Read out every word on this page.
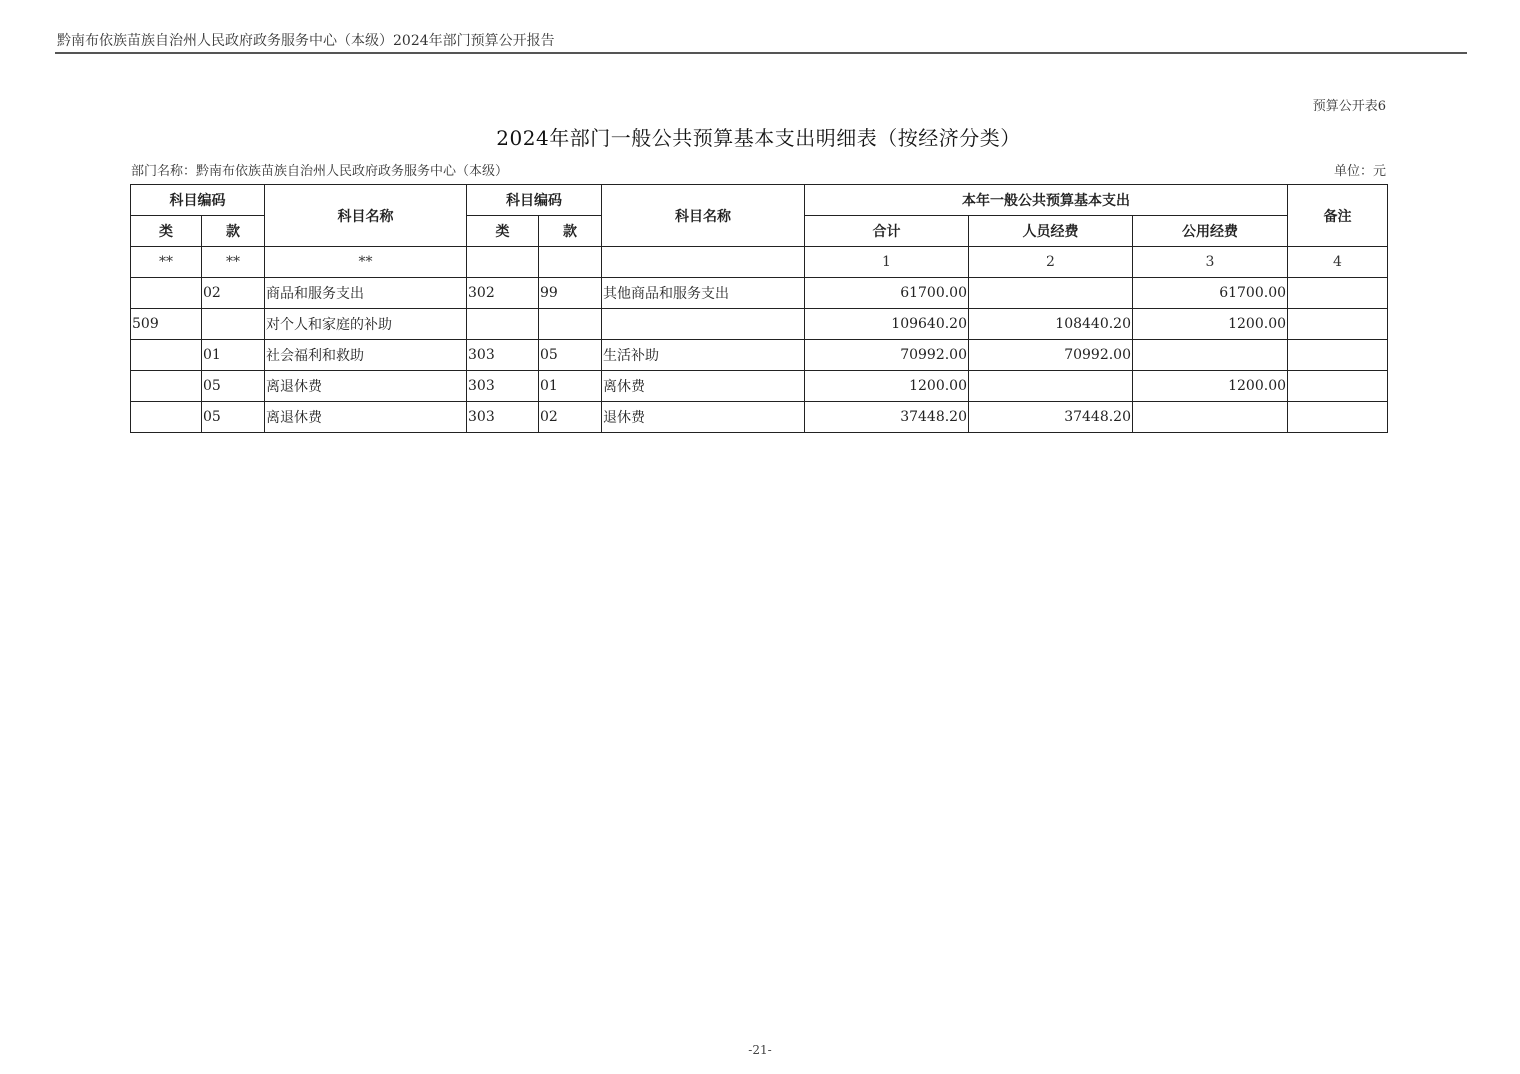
黔南布依族苗族自治州人民政府政务服务中心（本级）2024年部门预算公开报告
预算公开表6
2024年部门一般公共预算基本支出明细表（按经济分类）
部门名称：黔南布依族苗族自治州人民政府政务服务中心（本级）	单位：元
科目编码		科目名称	科目编码		科目名称	本年一般公共预算基本支出			备注
类	款		类	款		合计	人员经费	公用经费	
**	**	**				1	2	3	4
	02	商品和服务支出	302	99	其他商品和服务支出	61700.00		61700.00	
509		对个人和家庭的补助				109640.20	108440.20	1200.00	
	01	社会福利和救助	303	05	生活补助	70992.00	70992.00		
	05	离退休费	303	01	离休费	1200.00		1200.00	
	05	离退休费	303	02	退休费	37448.20	37448.20		
-21-
